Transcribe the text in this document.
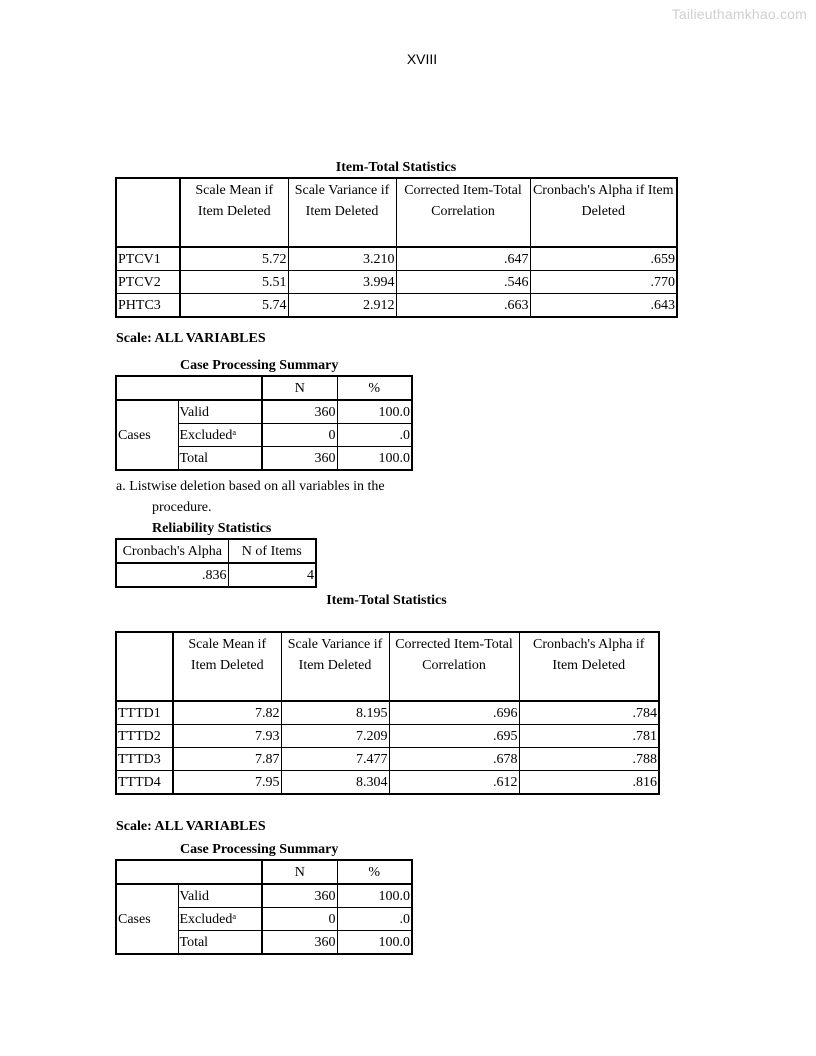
Tailieuthamkhao.com
XVIII
Item-Total Statistics
	Scale Mean if Item Deleted	Scale Variance if Item Deleted	Corrected Item-Total Correlation	Cronbach's Alpha if Item Deleted
PTCV1	5.72	3.210	.647	.659
PTCV2	5.51	3.994	.546	.770
PHTC3	5.74	2.912	.663	.643
Scale: ALL VARIABLES
Case Processing Summary
		N	%
Cases	Valid	360	100.0
	Excludedᵃ	0	.0
	Total	360	100.0
a. Listwise deletion based on all variables in the
procedure.
Reliability Statistics
Cronbach's Alpha	N of Items
.836	4
Item-Total Statistics
	Scale Mean if Item Deleted	Scale Variance if Item Deleted	Corrected Item-Total Correlation	Cronbach's Alpha if Item Deleted
TTTD1	7.82	8.195	.696	.784
TTTD2	7.93	7.209	.695	.781
TTTD3	7.87	7.477	.678	.788
TTTD4	7.95	8.304	.612	.816
Scale: ALL VARIABLES
Case Processing Summary
		N	%
Cases	Valid	360	100.0
	Excludedᵃ	0	.0
	Total	360	100.0
